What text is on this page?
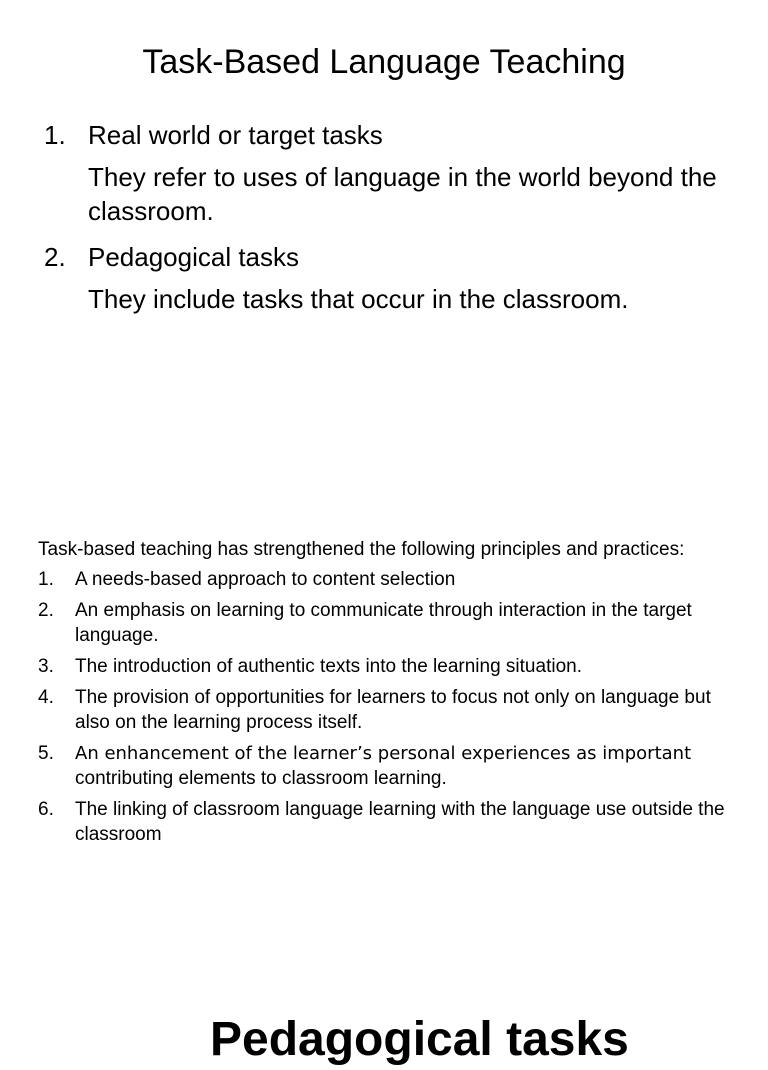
Task-Based Language Teaching
1. Real world or target tasks
They refer to uses of language in the world beyond the classroom.
2. Pedagogical tasks
They include tasks that occur in the classroom.
Task-based teaching has strengthened the following principles and practices:
1.	A needs-based approach to content selection
2.	An emphasis on learning to communicate through interaction in the target language.
3.	The introduction of authentic texts into the learning situation.
4.	The provision of opportunities for learners to focus not only on language but also on the learning process itself.
5.	An enhancement of the learner’s personal experiences as important
contributing elements to classroom learning.
6.	The linking of classroom language learning with the language use outside the classroom
Pedagogical tasks
